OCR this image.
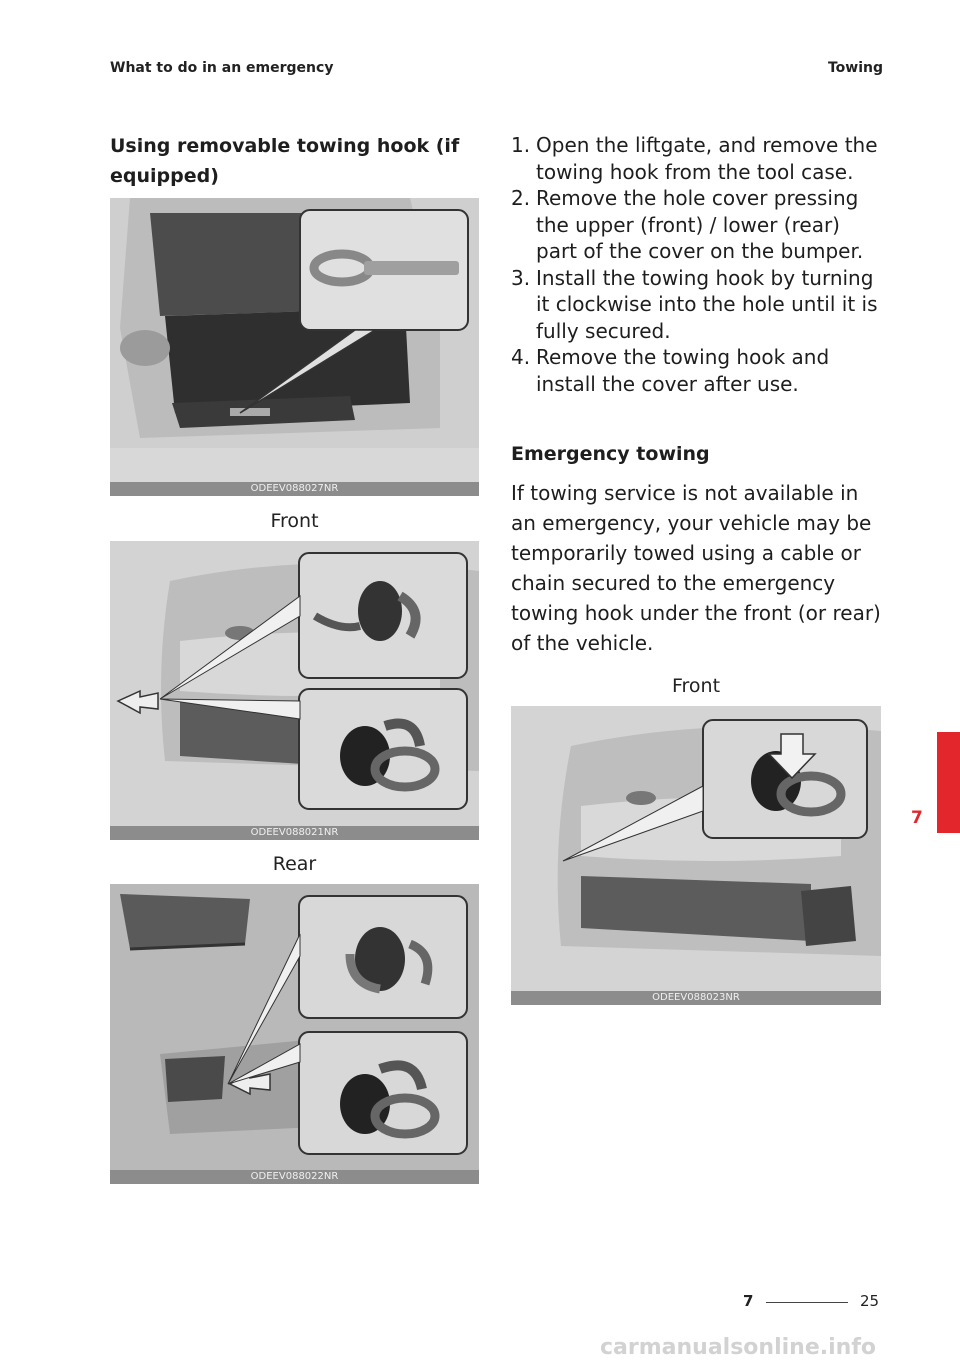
What to do in an emergency	Towing
Using removable towing hook (if equipped)
ODEEV088027NR
Front
ODEEV088021NR
Rear
ODEEV088022NR
1. Open the liftgate, and remove the towing hook from the tool case.
2. Remove the hole cover pressing the upper (front) / lower (rear) part of the cover on the bumper.
3. Install the towing hook by turning it clockwise into the hole until it is fully secured.
4. Remove the towing hook and install the cover after use.
Emergency towing
If towing service is not available in an emergency, your vehicle may be temporarily towed using a cable or chain secured to the emergency towing hook under the front (or rear) of the vehicle.
Front
ODEEV088023NR
7
7	25
carmanualsonline.info
